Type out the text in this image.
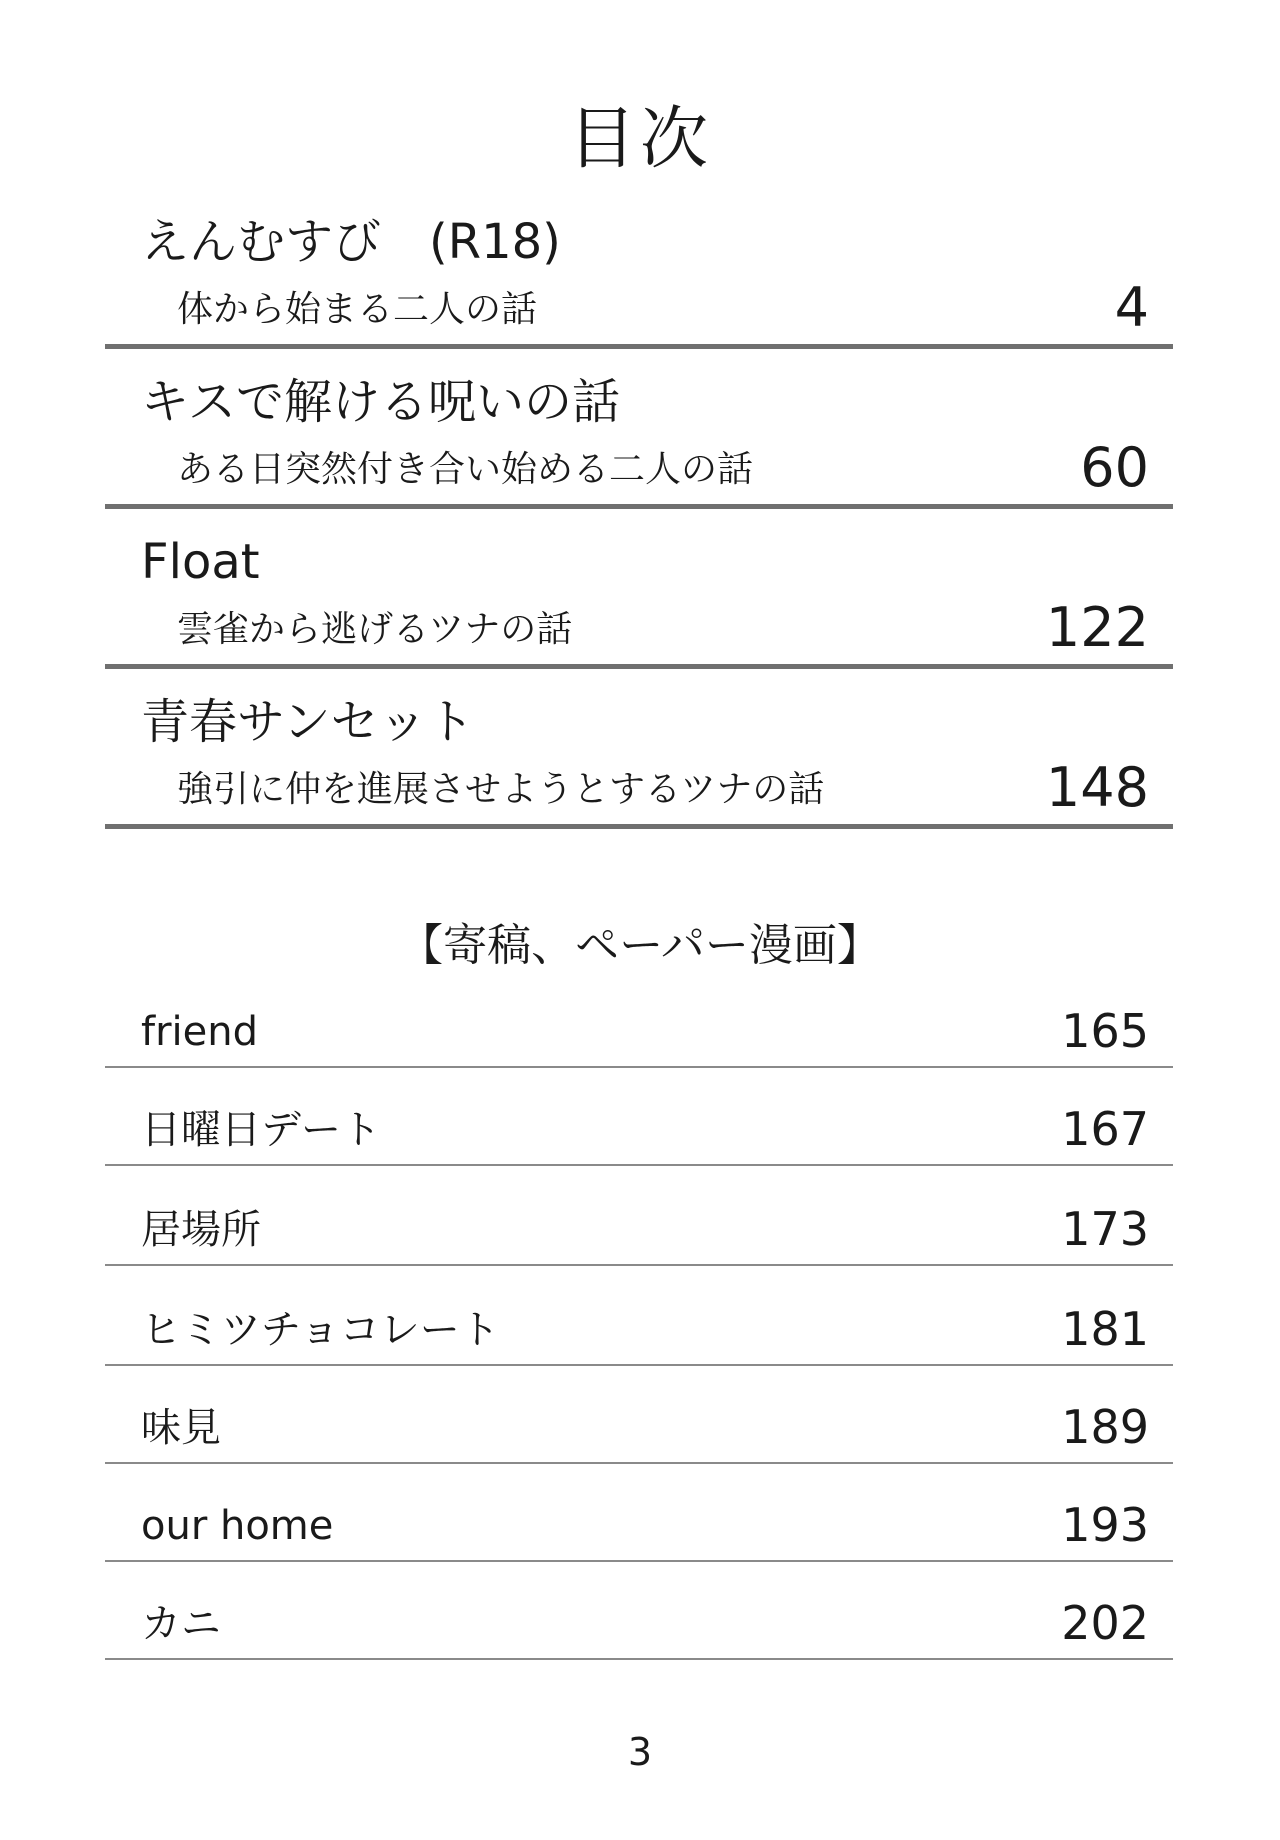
目次
えんむすび　(R18)
体から始まる二人の話	4
キスで解ける呪いの話
ある日突然付き合い始める二人の話	60
Float
雲雀から逃げるツナの話	122
青春サンセット
強引に仲を進展させようとするツナの話	148
【寄稿、ペーパー漫画】
friend	165
日曜日デート	167
居場所	173
ヒミツチョコレート	181
味見	189
our home	193
カニ	202
3
